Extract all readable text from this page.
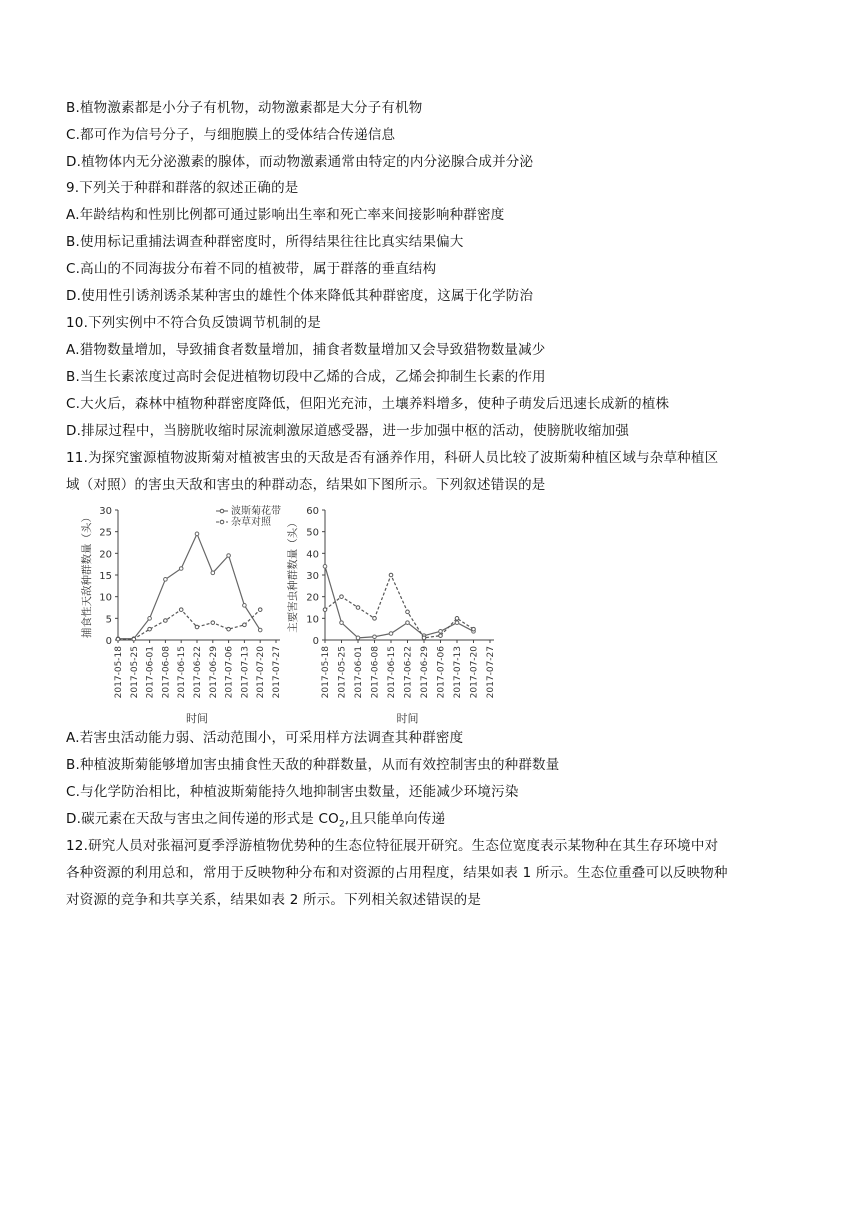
B.植物激素都是小分子有机物，动物激素都是大分子有机物
C.都可作为信号分子，与细胞膜上的受体结合传递信息
D.植物体内无分泌激素的腺体，而动物激素通常由特定的内分泌腺合成并分泌
9.下列关于种群和群落的叙述正确的是
A.年龄结构和性别比例都可通过影响出生率和死亡率来间接影响种群密度
B.使用标记重捕法调查种群密度时，所得结果往往比真实结果偏大
C.高山的不同海拔分布着不同的植被带，属于群落的垂直结构
D.使用性引诱剂诱杀某种害虫的雄性个体来降低其种群密度，这属于化学防治
10.下列实例中不符合负反馈调节机制的是
A.猎物数量增加，导致捕食者数量增加，捕食者数量增加又会导致猎物数量减少
B.当生长素浓度过高时会促进植物切段中乙烯的合成，乙烯会抑制生长素的作用
C.大火后，森林中植物种群密度降低，但阳光充沛，土壤养料增多，使种子萌发后迅速长成新的植株
D.排尿过程中，当膀胱收缩时尿流刺激尿道感受器，进一步加强中枢的活动，使膀胱收缩加强
11.为探究蜜源植物波斯菊对植被害虫的天敌是否有涵养作用，科研人员比较了波斯菊种植区域与杂草种植区
域（对照）的害虫天敌和害虫的种群动态，结果如下图所示。下列叙述错误的是
A.若害虫活动能力弱、活动范围小，可采用样方法调查其种群密度
B.种植波斯菊能够增加害虫捕食性天敌的种群数量，从而有效控制害虫的种群数量
C.与化学防治相比，种植波斯菊能持久地抑制害虫数量，还能减少环境污染
D.碳元素在天敌与害虫之间传递的形式是 $CO_2$,且只能单向传递
12.研究人员对张福河夏季浮游植物优势种的生态位特征展开研究。生态位宽度表示某物种在其生存环境中对
各种资源的利用总和，常用于反映物种分布和对资源的占用程度，结果如表 1 所示。生态位重叠可以反映物种
对资源的竞争和共享关系，结果如表 2 所示。下列相关叙述错误的是
0
5
10
15
20
25
30
2017-05-18 2017-05-25 2017-06-01 2017-06-08 2017-06-15 2017-06-22 2017-06-29 2017-07-06 2017-07-13 2017-07-20 2017-07-27
时间
捕食性天敌种群数量（头）
波斯菊花带
杂草对照
0
10
20
30
40
50
60
2017-05-18 2017-05-25 2017-06-01 2017-06-08 2017-06-15 2017-06-22 2017-06-29 2017-07-06 2017-07-13 2017-07-20 2017-07-27
时间
主要害虫种群数量（头）
